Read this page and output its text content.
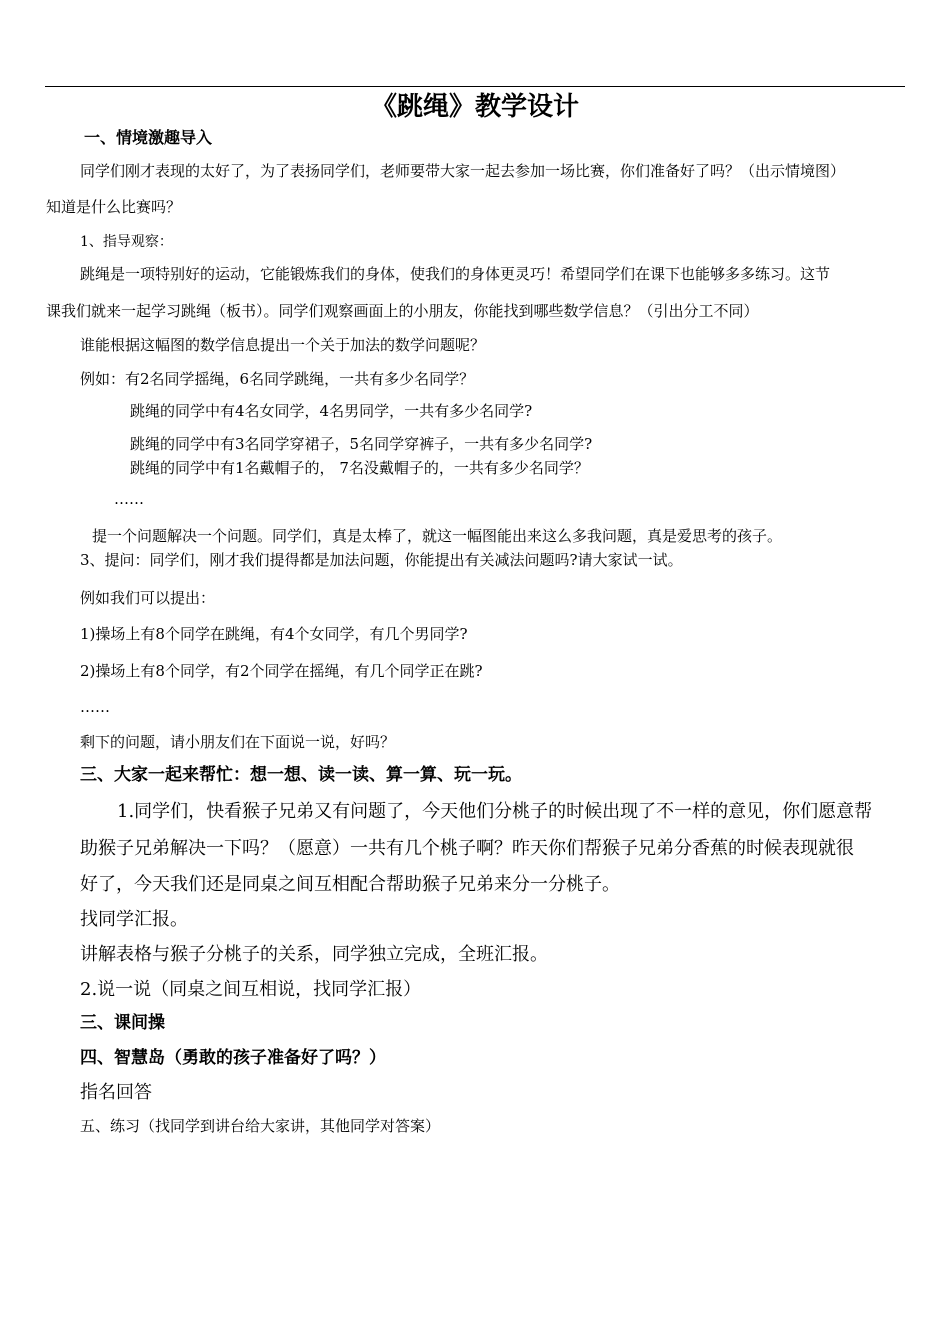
《跳绳》教学设计
一、情境激趣导入
同学们刚才表现的太好了，为了表扬同学们，老师要带大家一起去参加一场比赛，你们准备好了吗？（出示情境图）
知道是什么比赛吗？
1、指导观察：
跳绳是一项特别好的运动，它能锻炼我们的身体，使我们的身体更灵巧！希望同学们在课下也能够多多练习。这节
课我们就来一起学习跳绳（板书）。同学们观察画面上的小朋友，你能找到哪些数学信息？（引出分工不同）
谁能根据这幅图的数学信息提出一个关于加法的数学问题呢？
例如：有2名同学摇绳，6名同学跳绳，一共有多少名同学？
跳绳的同学中有4名女同学，4名男同学，一共有多少名同学?
跳绳的同学中有3名同学穿裙子，5名同学穿裤子，一共有多少名同学?
跳绳的同学中有1名戴帽子的， 7名没戴帽子的，一共有多少名同学？
……
提一个问题解决一个问题。同学们，真是太棒了，就这一幅图能出来这么多我问题，真是爱思考的孩子。
3、提问：同学们，刚才我们提得都是加法问题，你能提出有关减法问题吗?请大家试一试。
例如我们可以提出：
1)操场上有8个同学在跳绳，有4个女同学，有几个男同学?
2)操场上有8个同学，有2个同学在摇绳，有几个同学正在跳?
……
剩下的问题，请小朋友们在下面说一说，好吗？
三、大家一起来帮忙：想一想、读一读、算一算、玩一玩。
1.同学们，快看猴子兄弟又有问题了，今天他们分桃子的时候出现了不一样的意见，你们愿意帮
助猴子兄弟解决一下吗？（愿意）一共有几个桃子啊？昨天你们帮猴子兄弟分香蕉的时候表现就很
好了，今天我们还是同桌之间互相配合帮助猴子兄弟来分一分桃子。
找同学汇报。
讲解表格与猴子分桃子的关系，同学独立完成，全班汇报。
2.说一说（同桌之间互相说，找同学汇报）
三、课间操
四、智慧岛（勇敢的孩子准备好了吗？）
指名回答
五、练习（找同学到讲台给大家讲，其他同学对答案）
